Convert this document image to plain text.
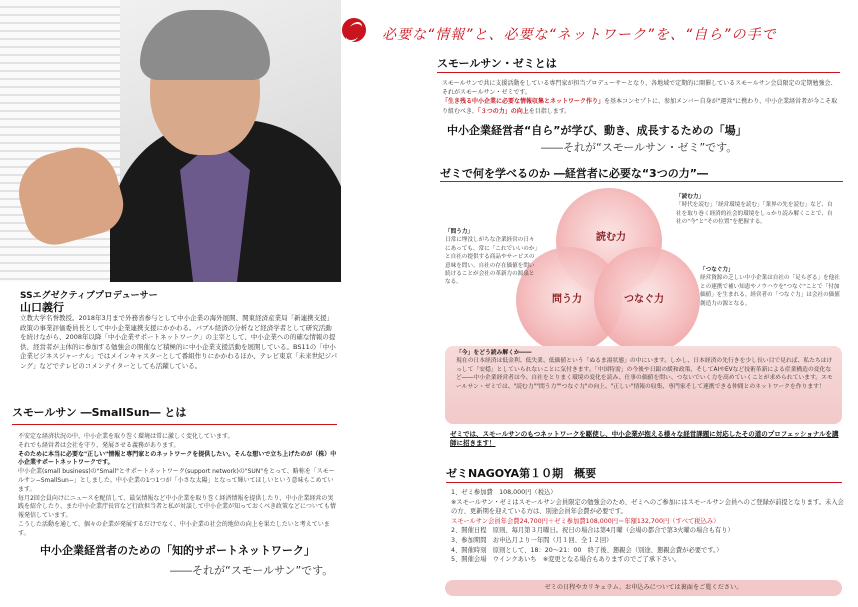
SSエグゼクティブプロデューサー
山口義行
立教大学名誉教授。2018年3月まで外務省参与として中小企業の海外展開、関東経済産業局「新連携支援」政策の事業評価委員長として中小企業連携支援にかかわる。バブル経済の分析など経済学者として研究活動を続けながら、2008年以降「中小企業サポートネットワーク」の主宰として、中小企業への的確な情報の提供、経営者が主体的に参加する勉強会の開催など積極的に中小企業支援活動を展開している。BS11の「中小企業ビジネスジャーナル」ではメインキャスターとして番組作りにかかわるほか、テレビ東京「未来世紀ジパング」などでテレビのコメンテイターとしても活躍している。
スモールサン ―SmallSun― とは
不安定な経済状況の中、中小企業を取り巻く環境は常に激しく変化しています。
それでも経営者は会社を守り、発展させる義務があります。
そのために本当に必要な"正しい"情報と専門家とのネットワークを提供したい。そんな想いで立ち上げたのが（株）中小企業サポートネットワークです。
中小企業(small business)の"Small"とサポートネットワーク(support network)の"SUN"をとって、略称を「スモールサン−SmallSun−」としました。中小企業の1つ1つが「小さな太陽」となって輝いてほしいという意味もこめています。
毎月2回会員向けにニュースを配信して、最気情報など中小企業を取り巻く経済情報を提供したり、中小企業経営の実践を紹介したり、また中小企業庁長官など行政担当者と私が対談して中小企業が知っておくべき政策などについても情報発信しています。
こうした活動を通して、個々の企業が発展するだけでなく、中小企業の社会的地位の向上を果たしたいと考えています。
中小企業経営者のための「知的サポートネットワーク」
――それが“スモールサン”です。
必要な“情報”と、必要な“ネットワーク”を、“自ら”の手で
スモールサン・ゼミとは
スモールサンで共に支援活動をしている専門家が担当プロデューサーとなり、各地域で定期的に開催しているスモールサン会員限定の定期勉強会、それがスモールサン・ゼミです。
「生き残る中小企業に必要な情報収集とネットワーク作り」を基本コンセプトに、参加メンバー自身が"運営"に携わり、中小企業経営者が今こそ取り組むべき、「３つの力」の向上を目指します。
中小企業経営者“自ら”が学び、動き、成長するための「場」
――それが“スモールサン・ゼミ”です。
ゼミで何を学べるのか ―経営者に必要な“3つの力”―
読む力
問う力	つなぐ力
「読む力」
「時代を読む」「経営環境を読む」「業界の先を読む」など、自社を取り巻く経済的社会的環境をしっかり読み解くことで、自社の“今”と“その位置”を把握する。
「問う力」
日常に埋没しがちな企業経営の日々にあっても、常に「これでいいのか」と自社の提供する商品やサービスの意味を問い、自社の存在価値を問い続けることが会社の革新力の源泉となる。
「つなぐ力」
経営資源の乏しい中小企業は自社の「足らざる」を他社との連携で補い知恵やノウハウを"つなぐ"ことで「付加価値」を生まれる。経営者の「つなぐ力」は会社の価値創造力の源となる。
「今」をどう読み解くか――
現在の日本経済は低金利、低失業、低価値という「ぬるま湯状態」の中にいます。しかし、日本経済の先行きを少し長い目で見れば、私たちはけっして「安穏」としていられないことに気付きます。「中国特需」の今後や日銀の緩和政策、そしてAIやEVなど技術革新による産業構造の変化など――中小企業経営者は今、自社をとりまく環境の変化を読み、仕事の価値を問い、つないでいく力を高めていくことが求められています。スモールサン・ゼミでは、"読む力""問う力""つなぐ力"の向上、"正しい"情報の収集、専門家そして連携できる仲間とのネットワークを作ります！
ゼミでは、スモールサンのもつネットワークを駆使し、中小企業が抱える様々な経営課題に対応したその道のプロフェッショナルを講師に招きます！
ゼミNAGOYA第１０期　概要
1、ゼミ参加費　108,000円（税込）
※スモールサン・ゼミはスモールサン会員限定の勉強会のため、ゼミへのご参加にはスモールサン会員へのご登録が前提となります。未入会の方、更新期を迎えている方は、別途会員年会費が必要です。
スモールサン会員年会費24,700円＋ゼミ参加費108,000円＝年額132,700円（すべて税込み）
2、開催日程　原則、毎月第３月曜日。祝日の場合は第4月曜（会場の都合で第3火曜の場合も有り）
3、参加期間　お申込月より一年間（月１回、全１２回）
4、開催時刻　原則として、18：20〜21：00　終了後、懇親会（別途、懇親会費が必要です。）
5、開催会場　ウインクあいち　※変更となる場合もありますのでご了承下さい。
ゼミの日程やカリキュラム、お申込みについては裏面をご覧ください。
